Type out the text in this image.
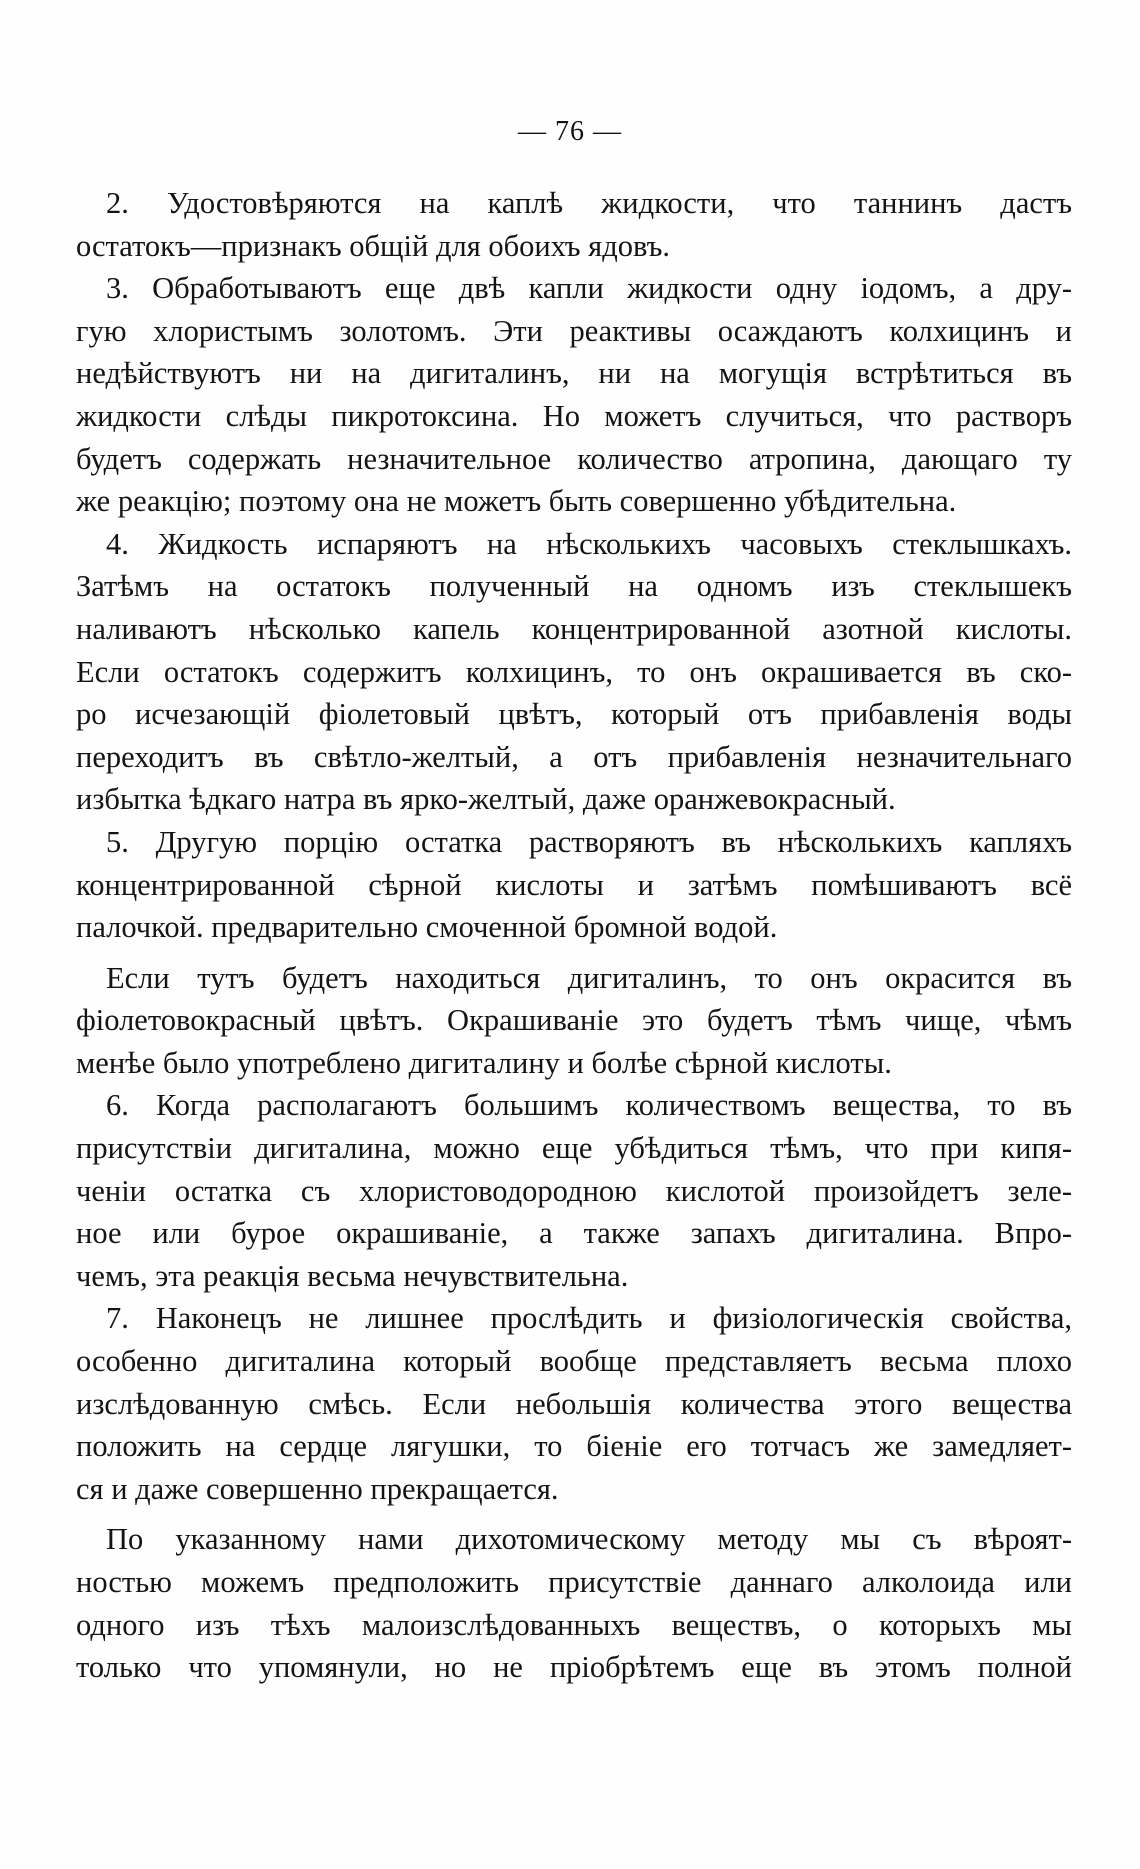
— 76 —
2. Удостовѣряются на каплѣ жидкости, что таннинъ дастъ
остатокъ—признакъ общій для обоихъ ядовъ.
3. Обработываютъ еще двѣ капли жидкости одну іодомъ, а дру-
гую хлористымъ золотомъ. Эти реактивы осаждаютъ колхицинъ и
недѣйствуютъ ни на дигиталинъ, ни на могущія встрѣтиться въ
жидкости слѣды пикротоксина. Но можетъ случиться, что растворъ
будетъ содержать незначительное количество атропина, дающаго ту
же реакцію; поэтому она не можетъ быть совершенно убѣдительна.
4. Жидкость испаряютъ на нѣсколькихъ часовыхъ стеклышкахъ.
Затѣмъ на остатокъ полученный на одномъ изъ стеклышекъ
наливаютъ нѣсколько капель концентрированной азотной кислоты.
Если остатокъ содержитъ колхицинъ, то онъ окрашивается въ ско-
ро исчезающій фіолетовый цвѣтъ, который отъ прибавленія воды
переходитъ въ свѣтло-желтый, а отъ прибавленія незначительнаго
избытка ѣдкаго натра въ ярко-желтый, даже оранжевокрасный.
5. Другую порцію остатка растворяютъ въ нѣсколькихъ капляхъ
концентрированной сѣрной кислоты и затѣмъ помѣшиваютъ всё
палочкой. предварительно смоченной бромной водой.
Если тутъ будетъ находиться дигиталинъ, то онъ окрасится въ
фіолетовокрасный цвѣтъ. Окрашиваніе это будетъ тѣмъ чище, чѣмъ
менѣе было употреблено дигиталину и болѣе сѣрной кислоты.
6. Когда располагаютъ большимъ количествомъ вещества, то въ
присутствіи дигиталина, можно еще убѣдиться тѣмъ, что при кипя-
ченіи остатка съ хлористоводородною кислотой произойдетъ зеле-
ное или бурое окрашиваніе, а также запахъ дигиталина. Впро-
чемъ, эта реакція весьма нечувствительна.
7. Наконецъ не лишнее прослѣдить и физіологическія свойства,
особенно дигиталина который вообще представляетъ весьма плохо
изслѣдованную смѣсь. Если небольшія количества этого вещества
положить на сердце лягушки, то біеніе его тотчасъ же замедляет-
ся и даже совершенно прекращается.
По указанному нами дихотомическому методу мы съ вѣроят-
ностью можемъ предположить присутствіе даннаго алколоида или
одного изъ тѣхъ малоизслѣдованныхъ веществъ, о которыхъ мы
только что упомянули, но не пріобрѣтемъ еще въ этомъ полной
